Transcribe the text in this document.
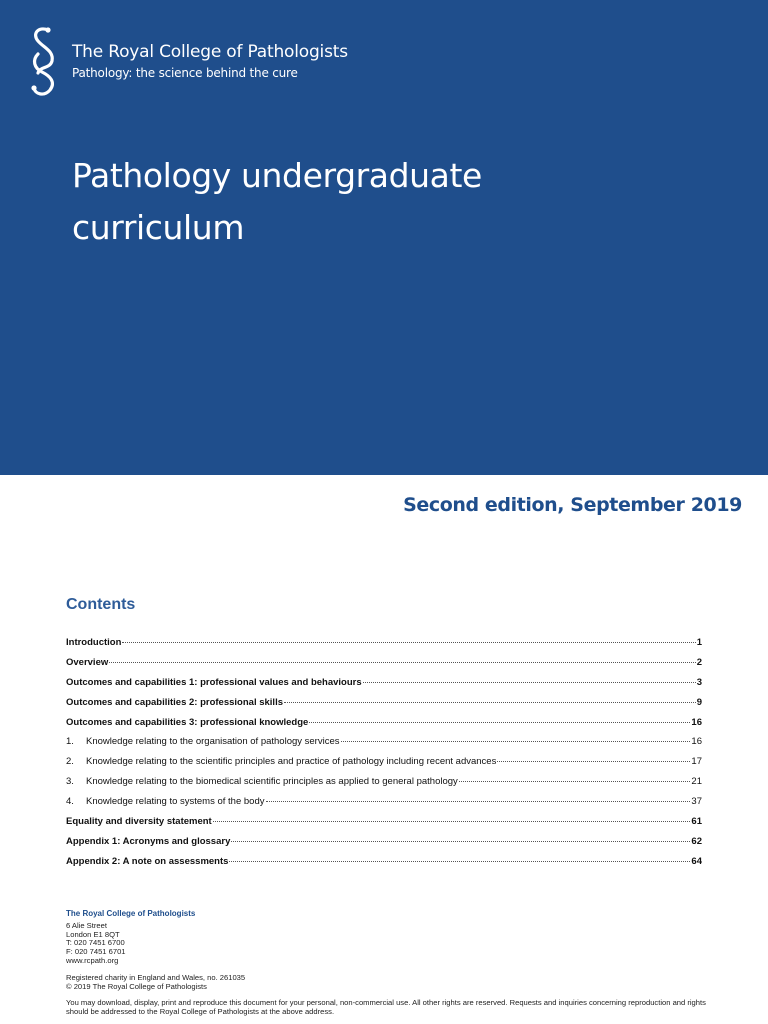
The Royal College of Pathologists
Pathology: the science behind the cure
Pathology undergraduate
curriculum
Second edition, September 2019
Contents
Introduction	1
Overview	2
Outcomes and capabilities 1: professional values and behaviours	3
Outcomes and capabilities 2: professional skills	9
Outcomes and capabilities 3: professional knowledge	16
1.	Knowledge relating to the organisation of pathology services	16
2.	Knowledge relating to the scientific principles and practice of pathology including recent advances	17
3.	Knowledge relating to the biomedical scientific principles as applied to general pathology	21
4.	Knowledge relating to systems of the body	37
Equality and diversity statement	61
Appendix 1: Acronyms and glossary	62
Appendix 2: A note on assessments	64
The Royal College of Pathologists
6 Alie Street
London E1 8QT
T: 020 7451 6700
F: 020 7451 6701
www.rcpath.org
Registered charity in England and Wales, no. 261035
© 2019 The Royal College of Pathologists
You may download, display, print and reproduce this document for your personal, non-commercial use. All other rights are reserved. Requests and inquiries concerning reproduction and rights should be addressed to the Royal College of Pathologists at the above address.
